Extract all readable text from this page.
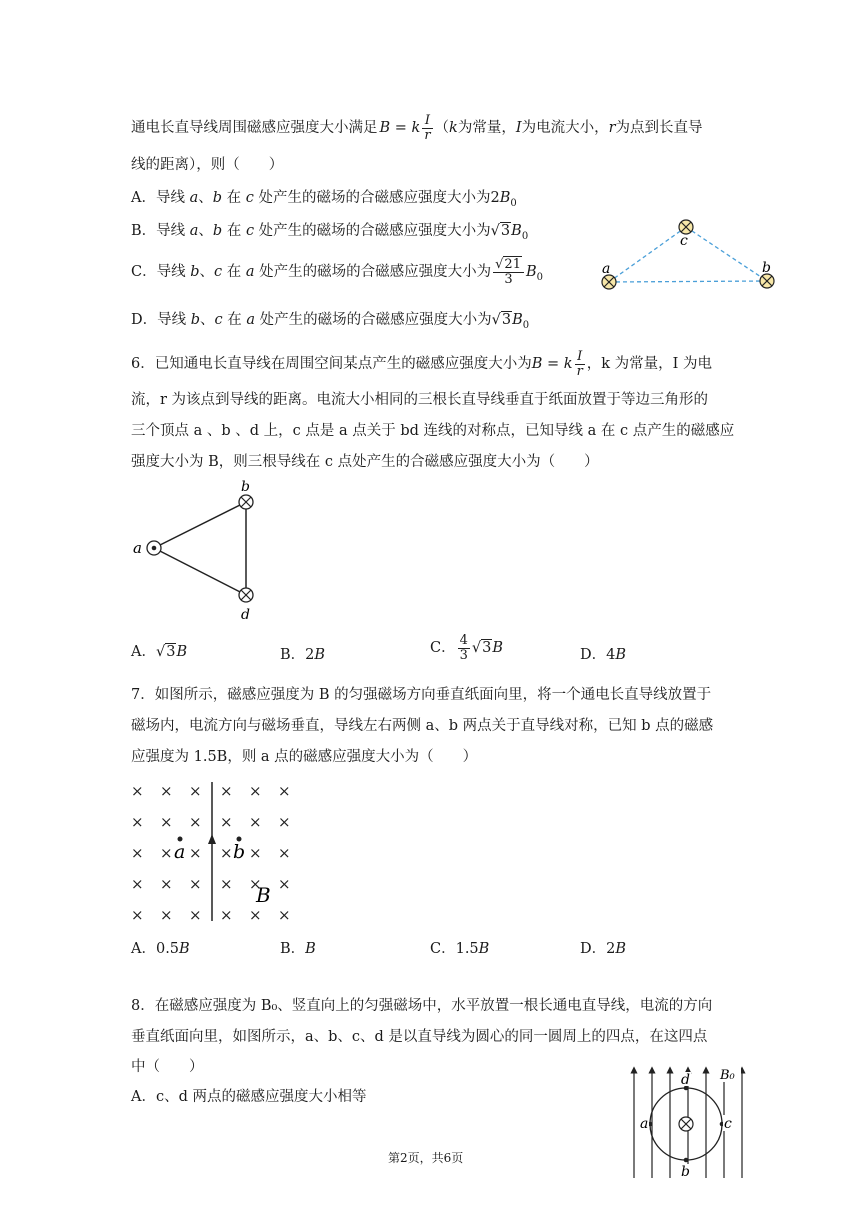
通电长直导线周围磁感应强度大小满足 B = k $\frac{I}{r} (k$为常量，I为电流大小，r为点到长直导
线的距离），则（　　）
A．导线 a、b 在 c 处产生的磁场的合磁感应强度大小为$2B_0$
B．导线 a、b 在 c 处产生的磁场的合磁感应强度大小为$√3B_0$
C．导线 b、c 在 a 处产生的磁场的合磁感应强度大小为 $\frac{√21}{3} B_0$
D．导线 b、c 在 a 处产生的磁场的合磁感应强度大小为$√3B_0$
c
a	b
6．已知通电长直导线在周围空间某点产生的磁感应强度大小为B = k $\frac{I}{r}$ ，k 为常量，I 为电
流，r 为该点到导线的距离。电流大小相同的三根长直导线垂直于纸面放置于等边三角形的
三个顶点 a 、b 、d 上，c 点是 a 点关于 bd 连线的对称点，已知导线 a 在 c 点产生的磁感应
强度大小为 B，则三根导线在 c 点处产生的合磁感应强度大小为（　　）
b
a
d
A．√3B	B．2B	C． $\frac{4}{3} √3B$	D．4B
7．如图所示，磁感应强度为 B 的匀强磁场方向垂直纸面向里，将一个通电长直导线放置于
磁场内，电流方向与磁场垂直，导线左右两侧 a、b 两点关于直导线对称，已知 b 点的磁感
应强度为 1.5B，则 a 点的磁感应强度大小为（　　）
× × × × × ×
× × × × × ×
× × × × × ×
× × × × × ×
× × × × × ×
a	b
B
A．0.5B	B．B	C．1.5B	D．2B
8．在磁感应强度为 B₀、竖直向上的匀强磁场中，水平放置一根长通电直导线，电流的方向
垂直纸面向里，如图所示，a、b、c、d 是以直导线为圆心的同一圆周上的四点，在这四点
中（　　）
A．c、d 两点的磁感应强度大小相等
a	c
d
b
B₀
第2页，共6页
